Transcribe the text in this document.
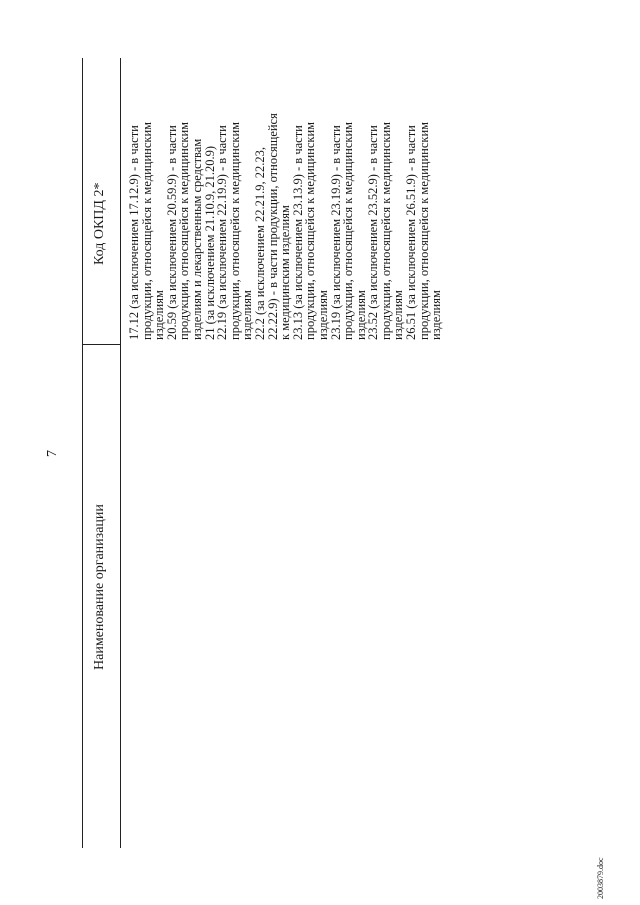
7
Наименование организации
Код ОКПД 2* 17.12 (за исключением 17.12.9) - в части
продукции, относящейся к медицинским
изделиям
20.59 (за исключением 20.59.9) - в части
продукции, относящейся к медицинским
изделиям и лекарственным средствам
21 (за исключением 21.10.9, 21.20.9)
22.19 (за исключением 22.19.9) - в части
продукции, относящейся к медицинским
изделиям
22.2 (за исключением 22.21.9, 22.23,
22.22.9) - в части продукции, относящейся
к медицинским изделиям
23.13 (за исключением 23.13.9) - в части
продукции, относящейся к медицинским
изделиям
23.19 (за исключением 23.19.9) - в части
продукции, относящейся к медицинским
изделиям
23.52 (за исключением 23.52.9) - в части
продукции, относящейся к медицинским
изделиям
26.51 (за исключением 26.51.9) - в части
продукции, относящейся к медицинским
изделиям
2003879.doc
